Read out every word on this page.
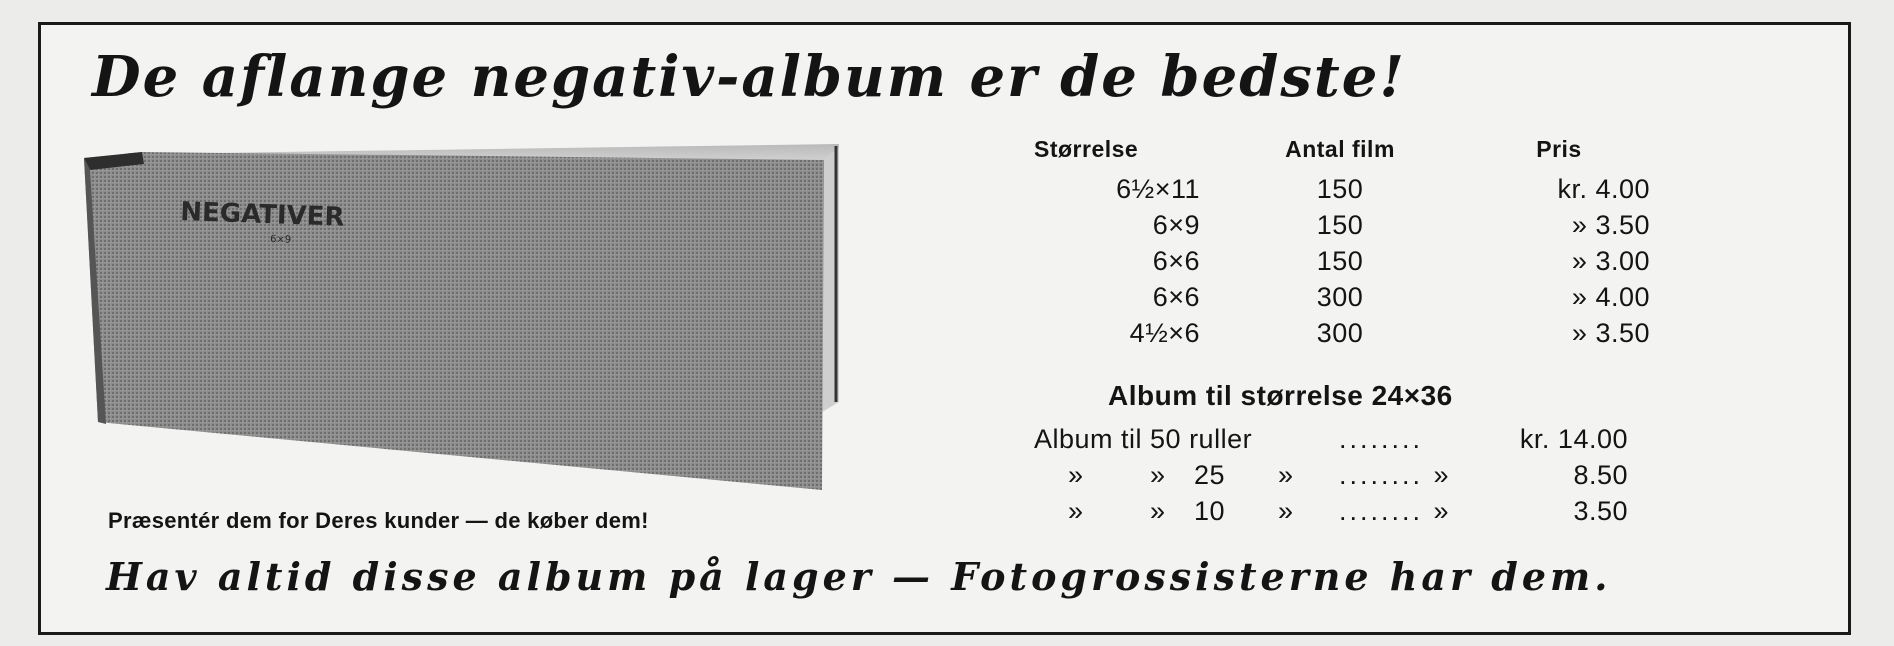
De aflange negativ-album er de bedste!
NEGATIVER
6×9
Præsentér dem for Deres kunder — de køber dem!
Størrelse	Antal film	Pris
6½×11	150	kr. 4.00
6×9	150	» 3.50
6×6	150	» 3.00
6×6	300	» 4.00
4½×6	300	» 3.50
Album til størrelse 24×36
Album til 50 ruller	........	kr. 14.00
» » 25 » ........ »	8.50
» » 10 » ........ »	3.50
Hav altid disse album på lager — Fotogrossisterne har dem.
